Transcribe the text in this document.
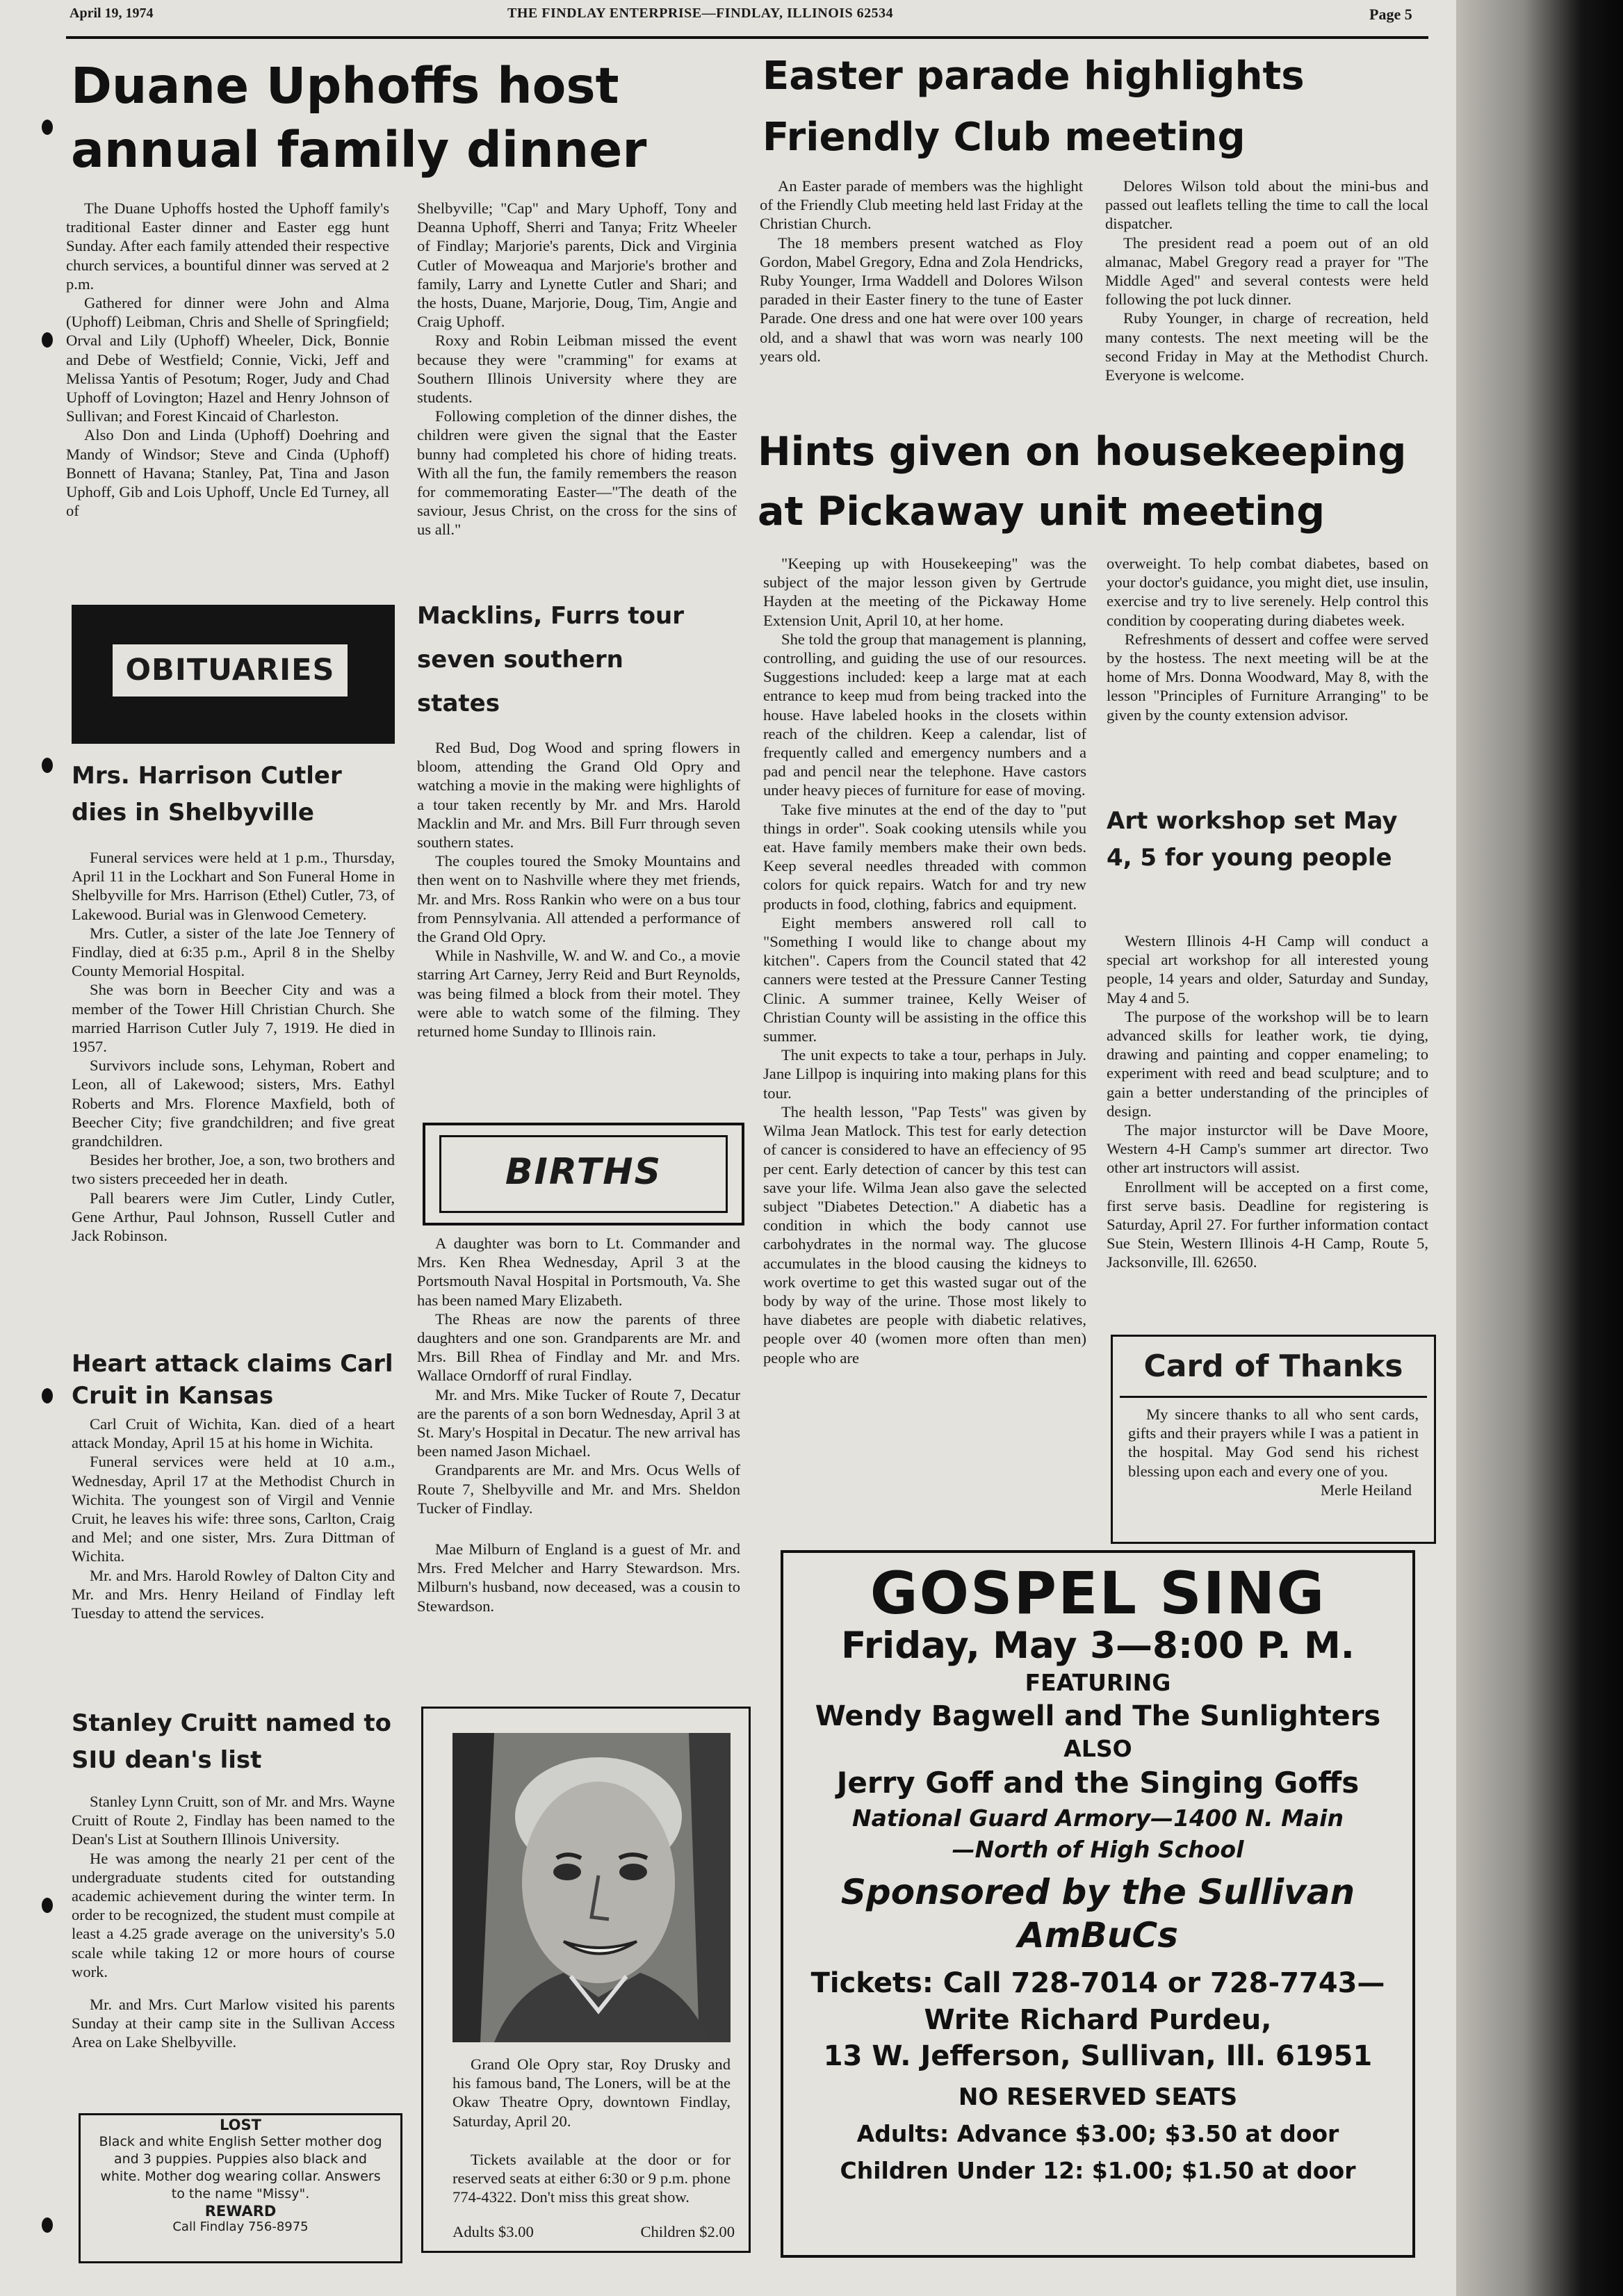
April 19, 1974	THE FINDLAY ENTERPRISE—FINDLAY, ILLINOIS 62534	Page 5
Duane Uphoffs host annual family dinner

The Duane Uphoffs hosted the Uphoff family's traditional Easter dinner and Easter egg hunt Sunday. After each family attended their respective church services, a bountiful dinner was served at 2 p.m.

Gathered for dinner were John and Alma (Uphoff) Leibman, Chris and Shelle of Springfield; Orval and Lily (Uphoff) Wheeler, Dick, Bonnie and Debe of Westfield; Connie, Vicki, Jeff and Melissa Yantis of Pesotum; Roger, Judy and Chad Uphoff of Lovington; Hazel and Henry Johnson of Sullivan; and Forest Kincaid of Charleston.

Also Don and Linda (Uphoff) Doehring and Mandy of Windsor; Steve and Cinda (Uphoff) Bonnett of Havana; Stanley, Pat, Tina and Jason Uphoff, Gib and Lois Uphoff, Uncle Ed Turney, all of

Shelbyville; "Cap" and Mary Uphoff, Tony and Deanna Uphoff, Sherri and Tanya; Fritz Wheeler of Findlay; Marjorie's parents, Dick and Virginia Cutler of Moweaqua and Marjorie's brother and family, Larry and Lynette Cutler and Shari; and the hosts, Duane, Marjorie, Doug, Tim, Angie and Craig Uphoff.

Roxy and Robin Leibman missed the event because they were "cramming" for exams at Southern Illinois University where they are students.

Following completion of the dinner dishes, the children were given the signal that the Easter bunny had completed his chore of hiding treats. With all the fun, the family remembers the reason for commemorating Easter—"The death of the saviour, Jesus Christ, on the cross for the sins of us all."

OBITUARIES
Mrs. Harrison Cutler dies in Shelbyville

Funeral services were held at 1 p.m., Thursday, April 11 in the Lockhart and Son Funeral Home in Shelbyville for Mrs. Harrison (Ethel) Cutler, 73, of Lakewood. Burial was in Glenwood Cemetery.

Mrs. Cutler, a sister of the late Joe Tennery of Findlay, died at 6:35 p.m., April 8 in the Shelby County Memorial Hospital.

She was born in Beecher City and was a member of the Tower Hill Christian Church. She married Harrison Cutler July 7, 1919. He died in 1957.

Survivors include sons, Lehyman, Robert and Leon, all of Lakewood; sisters, Mrs. Eathyl Roberts and Mrs. Florence Maxfield, both of Beecher City; five grandchildren; and five great grandchildren.

Besides her brother, Joe, a son, two brothers and two sisters preceeded her in death.

Pall bearers were Jim Cutler, Lindy Cutler, Gene Arthur, Paul Johnson, Russell Cutler and Jack Robinson.

Heart attack claims Carl Cruit in Kansas

Carl Cruit of Wichita, Kan. died of a heart attack Monday, April 15 at his home in Wichita.

Funeral services were held at 10 a.m., Wednesday, April 17 at the Methodist Church in Wichita. The youngest son of Virgil and Vennie Cruit, he leaves his wife: three sons, Carlton, Craig and Mel; and one sister, Mrs. Zura Dittman of Wichita.

Mr. and Mrs. Harold Rowley of Dalton City and Mr. and Mrs. Henry Heiland of Findlay left Tuesday to attend the services.

Stanley Cruitt named to SIU dean's list

Stanley Lynn Cruitt, son of Mr. and Mrs. Wayne Cruitt of Route 2, Findlay has been named to the Dean's List at Southern Illinois University.

He was among the nearly 21 per cent of the undergraduate students cited for outstanding academic achievement during the winter term. In order to be recognized, the student must compile at least a 4.25 grade average on the university's 5.0 scale while taking 12 or more hours of course work.

Mr. and Mrs. Curt Marlow visited his parents Sunday at their camp site in the Sullivan Access Area on Lake Shelbyville.

LOST
Black and white English Setter mother dog and 3 puppies. Puppies also black and white. Mother dog wearing collar. Answers to the name "Missy".
REWARD
Call Findlay 756-8975
Macklins, Furrs tour seven southern states

Red Bud, Dog Wood and spring flowers in bloom, attending the Grand Old Opry and watching a movie in the making were highlights of a tour taken recently by Mr. and Mrs. Harold Macklin and Mr. and Mrs. Bill Furr through seven southern states.

The couples toured the Smoky Mountains and then went on to Nashville where they met friends, Mr. and Mrs. Ross Rankin who were on a bus tour from Pennsylvania. All attended a performance of the Grand Old Opry.

While in Nashville, W. and W. and Co., a movie starring Art Carney, Jerry Reid and Burt Reynolds, was being filmed a block from their motel. They were able to watch some of the filming. They returned home Sunday to Illinois rain.

BIRTHS

A daughter was born to Lt. Commander and Mrs. Ken Rhea Wednesday, April 3 at the Portsmouth Naval Hospital in Portsmouth, Va. She has been named Mary Elizabeth.

The Rheas are now the parents of three daughters and one son. Grandparents are Mr. and Mrs. Bill Rhea of Findlay and Mr. and Mrs. Wallace Orndorff of rural Findlay.

Mr. and Mrs. Mike Tucker of Route 7, Decatur are the parents of a son born Wednesday, April 3 at St. Mary's Hospital in Decatur. The new arrival has been named Jason Michael.

Grandparents are Mr. and Mrs. Ocus Wells of Route 7, Shelbyville and Mr. and Mrs. Sheldon Tucker of Findlay.

Mae Milburn of England is a guest of Mr. and Mrs. Fred Melcher and Harry Stewardson. Mrs. Milburn's husband, now deceased, was a cousin to Stewardson.

Grand Ole Opry star, Roy Drusky and his famous band, The Loners, will be at the Okaw Theatre Opry, downtown Findlay, Saturday, April 20.

Tickets available at the door or for reserved seats at either 6:30 or 9 p.m. phone 774-4322. Don't miss this great show.

Adults $3.00	Children $2.00
Easter parade highlights Friendly Club meeting

An Easter parade of members was the highlight of the Friendly Club meeting held last Friday at the Christian Church.

The 18 members present watched as Floy Gordon, Mabel Gregory, Edna and Zola Hendricks, Ruby Younger, Irma Waddell and Dolores Wilson paraded in their Easter finery to the tune of Easter Parade. One dress and one hat were over 100 years old, and a shawl that was worn was nearly 100 years old.

Delores Wilson told about the mini-bus and passed out leaflets telling the time to call the local dispatcher.

The president read a poem out of an old almanac, Mabel Gregory read a prayer for "The Middle Aged" and several contests were held following the pot luck dinner.

Ruby Younger, in charge of recreation, held many contests. The next meeting will be the second Friday in May at the Methodist Church. Everyone is welcome.

Hints given on housekeeping at Pickaway unit meeting

"Keeping up with Housekeeping" was the subject of the major lesson given by Gertrude Hayden at the meeting of the Pickaway Home Extension Unit, April 10, at her home.

She told the group that management is planning, controlling, and guiding the use of our resources. Suggestions included: keep a large mat at each entrance to keep mud from being tracked into the house. Have labeled hooks in the closets within reach of the children. Keep a calendar, list of frequently called and emergency numbers and a pad and pencil near the telephone. Have castors under heavy pieces of furniture for ease of moving.

Take five minutes at the end of the day to "put things in order". Soak cooking utensils while you eat. Have family members make their own beds. Keep several needles threaded with common colors for quick repairs. Watch for and try new products in food, clothing, fabrics and equipment.

Eight members answered roll call to "Something I would like to change about my kitchen". Capers from the Council stated that 42 canners were tested at the Pressure Canner Testing Clinic. A summer trainee, Kelly Weiser of Christian County will be assisting in the office this summer.

The unit expects to take a tour, perhaps in July. Jane Lillpop is inquiring into making plans for this tour.

The health lesson, "Pap Tests" was given by Wilma Jean Matlock. This test for early detection of cancer is considered to have an effeciency of 95 per cent. Early detection of cancer by this test can save your life. Wilma Jean also gave the selected subject "Diabetes Detection." A diabetic has a condition in which the body cannot use carbohydrates in the normal way. The glucose accumulates in the blood causing the kidneys to work overtime to get this wasted sugar out of the body by way of the urine. Those most likely to have diabetes are people with diabetic relatives, people over 40 (women more often than men) people who are

overweight. To help combat diabetes, based on your doctor's guidance, you might diet, use insulin, exercise and try to live serenely. Help control this condition by cooperating during diabetes week.

Refreshments of dessert and coffee were served by the hostess. The next meeting will be at the home of Mrs. Donna Woodward, May 8, with the lesson "Principles of Furniture Arranging" to be given by the county extension advisor.

Art workshop set May 4, 5 for young people

Western Illinois 4-H Camp will conduct a special art workshop for all interested young people, 14 years and older, Saturday and Sunday, May 4 and 5.

The purpose of the workshop will be to learn advanced skills for leather work, tie dying, drawing and painting and copper enameling; to experiment with reed and bead sculpture; and to gain a better understanding of the principles of design.

The major insturctor will be Dave Moore, Western 4-H Camp's summer art director. Two other art instructors will assist.

Enrollment will be accepted on a first come, first serve basis. Deadline for registering is Saturday, April 27. For further information contact Sue Stein, Western Illinois 4-H Camp, Route 5, Jacksonville, Ill. 62650.

Card of Thanks

My sincere thanks to all who sent cards, gifts and their prayers while I was a patient in the hospital. May God send his richest blessing upon each and every one of you.

Merle Heiland
GOSPEL SING
Friday, May 3—8:00 P. M.
FEATURING
Wendy Bagwell and The Sunlighters
ALSO
Jerry Goff and the Singing Goffs
National Guard Armory—1400 N. Main
—North of High School
Sponsored by the Sullivan
AmBuCs
Tickets: Call 728-7014 or 728-7743—
Write Richard Purdeu,
13 W. Jefferson, Sullivan, Ill. 61951
NO RESERVED SEATS
Adults: Advance $3.00; $3.50 at door
Children Under 12: $1.00; $1.50 at door
